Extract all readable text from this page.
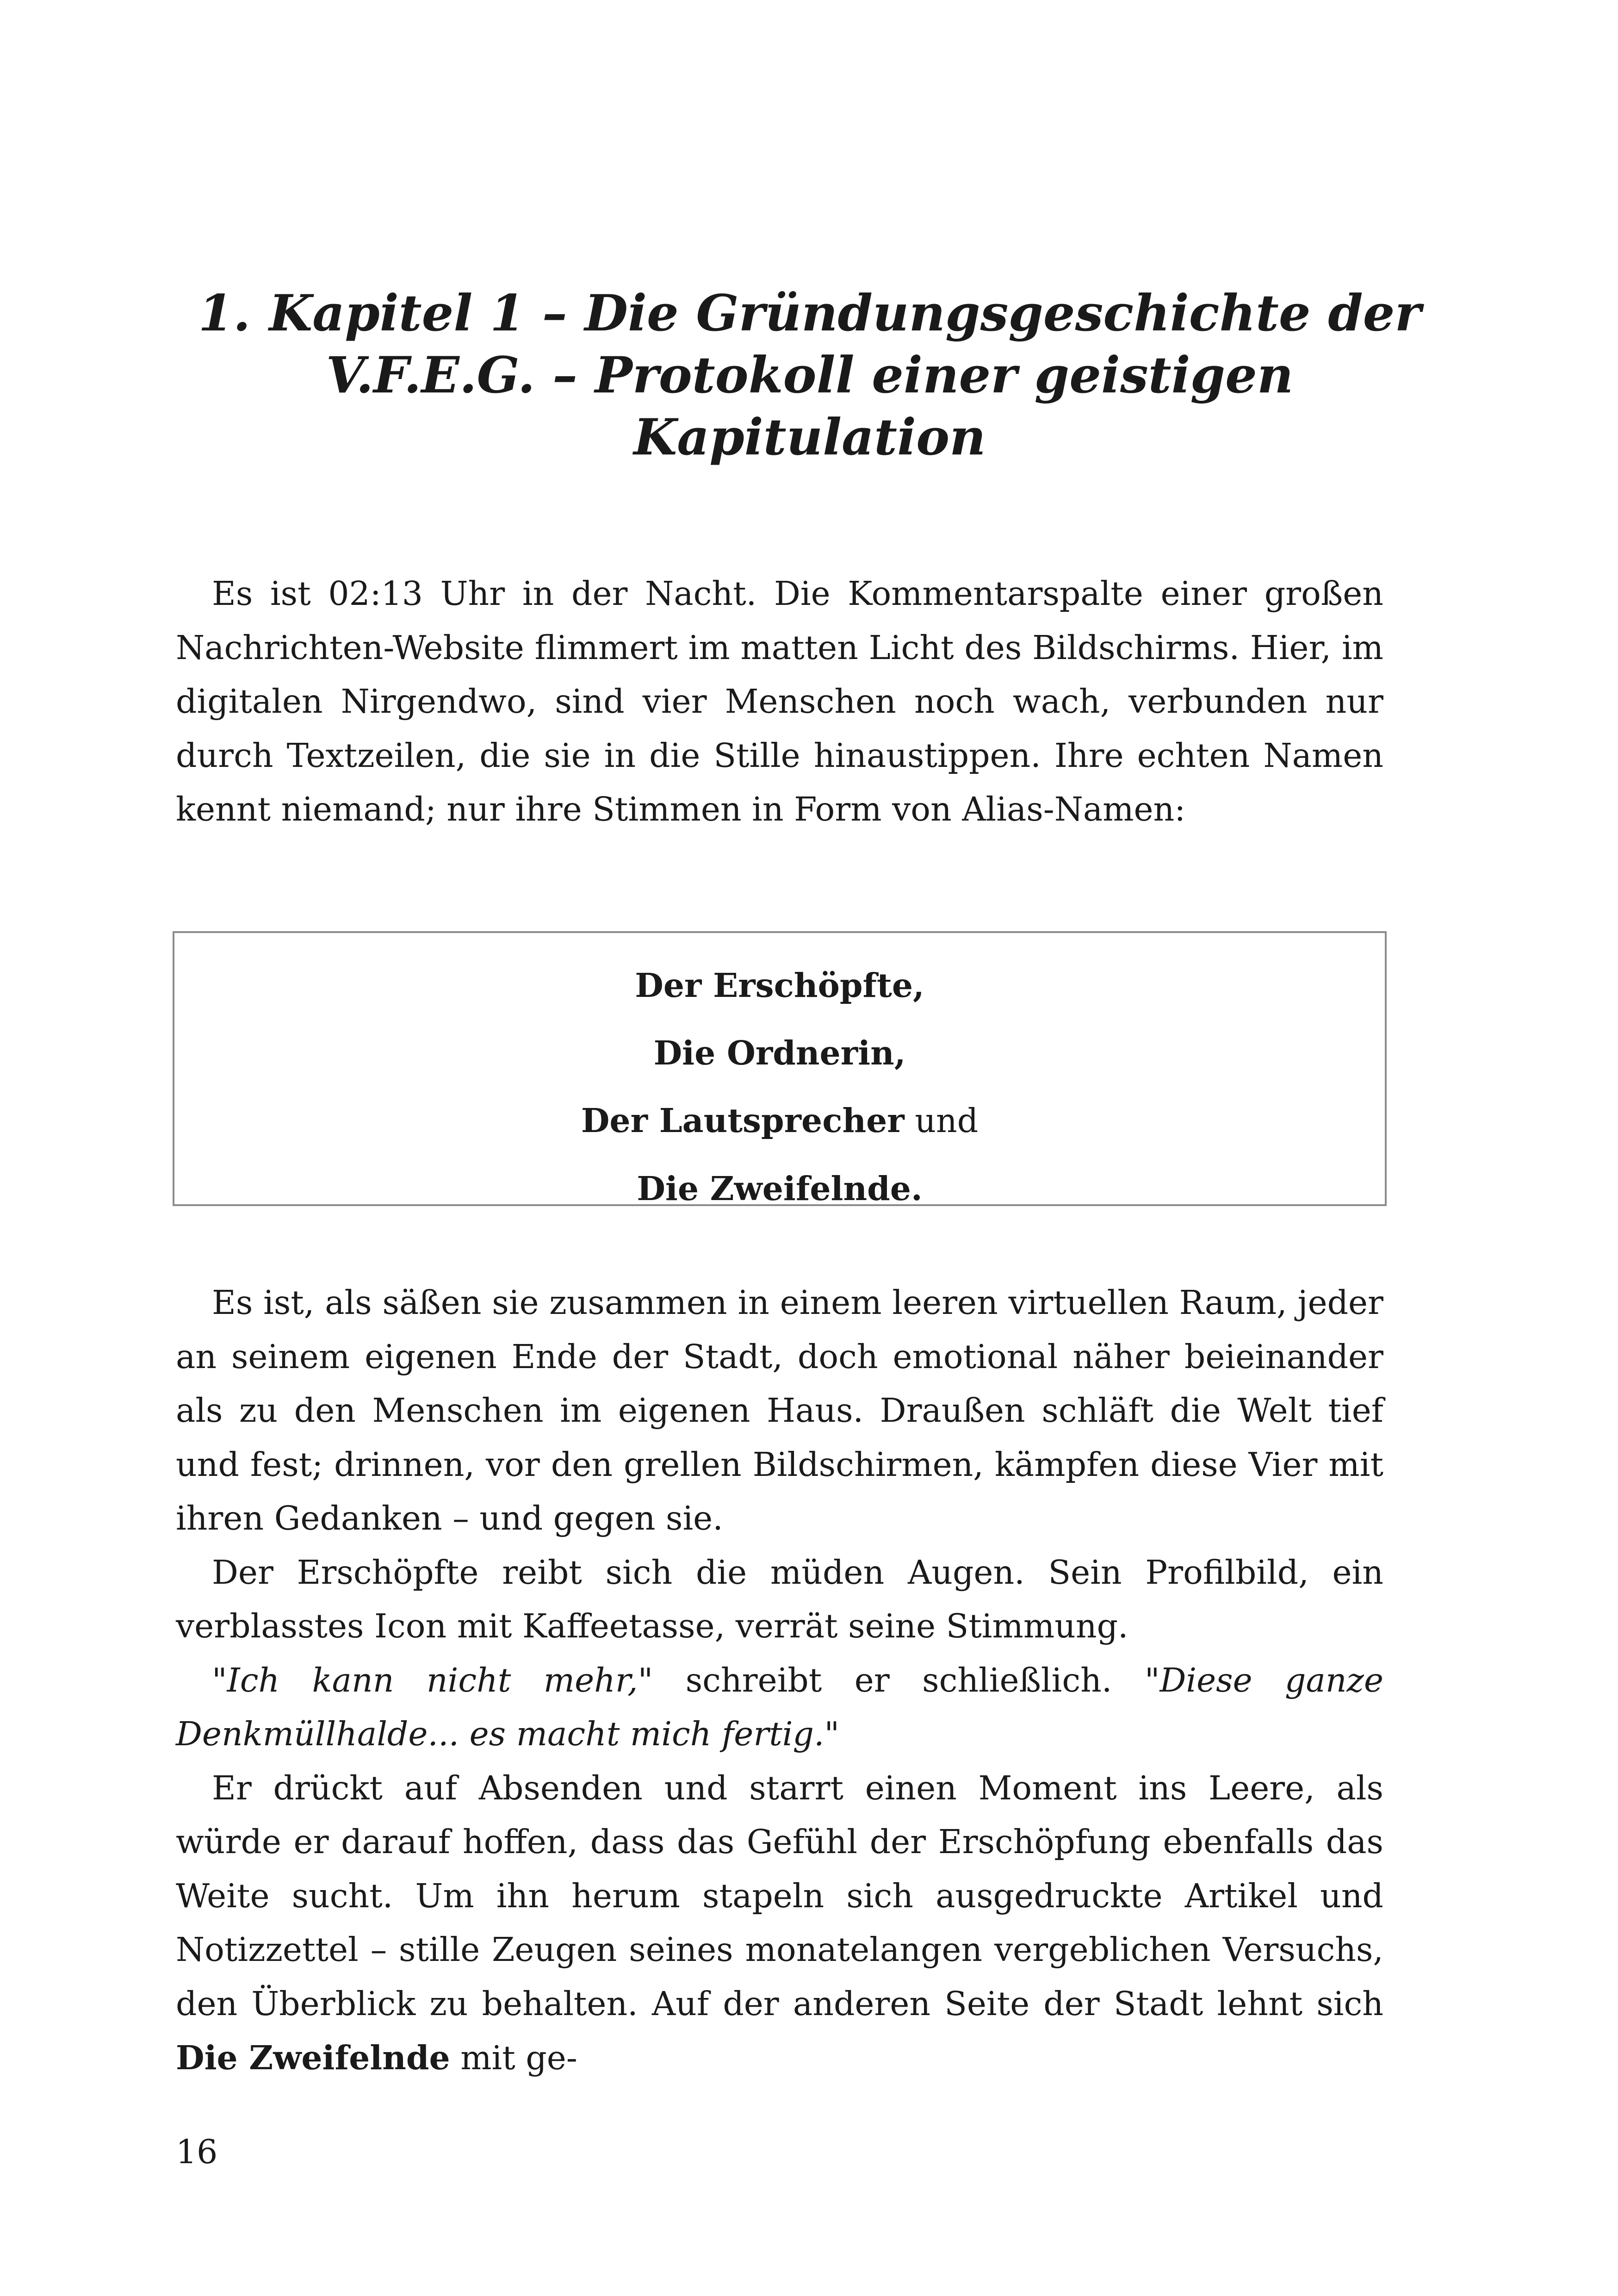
1. Kapitel 1 – Die Gründungsgeschichte der
V.F.E.G. – Protokoll einer geistigen
Kapitulation

Es ist 02:13 Uhr in der Nacht. Die Kommentarspalte einer großen Nachrichten-Website flimmert im matten Licht des Bildschirms. Hier, im digitalen Nirgendwo, sind vier Menschen noch wach, verbunden nur durch Textzeilen, die sie in die Stille hinaustippen. Ihre echten Namen kennt niemand; nur ihre Stimmen in Form von Alias-Namen:

Der Erschöpfte,
Die Ordnerin,
Der Lautsprecher und
Die Zweifelnde.

Es ist, als säßen sie zusammen in einem leeren virtuellen Raum, jeder an seinem eigenen Ende der Stadt, doch emotional näher beieinander als zu den Menschen im eigenen Haus. Draußen schläft die Welt tief und fest; drinnen, vor den grellen Bildschirmen, kämpfen diese Vier mit ihren Gedanken – und gegen sie.

Der Erschöpfte reibt sich die müden Augen. Sein Profilbild, ein verblasstes Icon mit Kaffeetasse, verrät seine Stimmung.

"Ich kann nicht mehr," schreibt er schließlich. "Diese ganze Denkmüllhalde... es macht mich fertig."

Er drückt auf Absenden und starrt einen Moment ins Leere, als würde er darauf hoffen, dass das Gefühl der Erschöpfung ebenfalls das Weite sucht. Um ihn herum stapeln sich ausgedruckte Artikel und Notizzettel – stille Zeugen seines monatelangen vergeblichen Versuchs, den Überblick zu behalten. Auf der anderen Seite der Stadt lehnt sich Die Zweifelnde mit ge-

16
